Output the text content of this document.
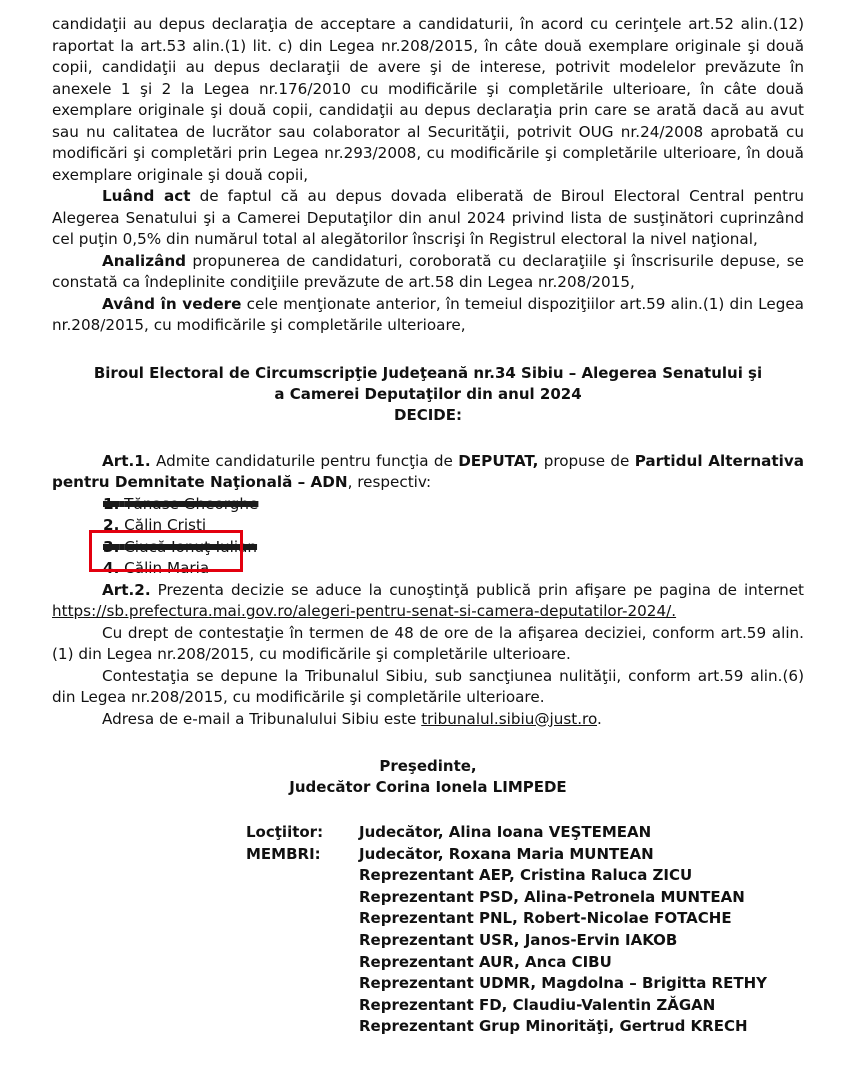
candidaţii au depus declaraţia de acceptare a candidaturii, în acord cu cerinţele art.52 alin.(12) raportat la art.53 alin.(1) lit. c) din Legea nr.208/2015, în câte două exemplare originale şi două copii, candidaţii au depus declaraţii de avere şi de interese, potrivit modelelor prevăzute în anexele 1 şi 2 la Legea nr.176/2010 cu modificările şi completările ulterioare, în câte două exemplare originale şi două copii, candidaţii au depus declaraţia prin care se arată dacă au avut sau nu calitatea de lucrător sau colaborator al Securităţii, potrivit OUG nr.24/2008 aprobată cu modificări şi completări prin Legea nr.293/2008, cu modificările şi completările ulterioare, în două exemplare originale şi două copii,

Luând act de faptul că au depus dovada eliberată de Biroul Electoral Central pentru Alegerea Senatului şi a Camerei Deputaţilor din anul 2024 privind lista de susţinători cuprinzând cel puţin 0,5% din numărul total al alegătorilor înscrişi în Registrul electoral la nivel naţional,

Analizând propunerea de candidaturi, coroborată cu declaraţiile şi înscrisurile depuse, se constată ca îndeplinite condiţiile prevăzute de art.58 din Legea nr.208/2015,

Având în vedere cele menţionate anterior, în temeiul dispoziţiilor art.59 alin.(1) din Legea nr.208/2015, cu modificările şi completările ulterioare,

Biroul Electoral de Circumscripţie Judeţeană nr.34 Sibiu – Alegerea Senatului şi
a Camerei Deputaţilor din anul 2024
DECIDE:

Art.1. Admite candidaturile pentru funcţia de DEPUTAT, propuse de Partidul Alternativa pentru Demnitate Naţională – ADN, respectiv:

1. Tănase Gheorghe
2. Călin Cristi
3. Ciucă Ionuţ-Iulian
4. Călin Maria

Art.2. Prezenta decizie se aduce la cunoştinţă publică prin afişare pe pagina de internet https://sb.prefectura.mai.gov.ro/alegeri-pentru-senat-si-camera-deputatilor-2024/.

Cu drept de contestaţie în termen de 48 de ore de la afişarea deciziei, conform art.59 alin.(1) din Legea nr.208/2015, cu modificările şi completările ulterioare.

Contestaţia se depune la Tribunalul Sibiu, sub sancţiunea nulităţii, conform art.59 alin.(6) din Legea nr.208/2015, cu modificările şi completările ulterioare.

Adresa de e-mail a Tribunalului Sibiu este tribunalul.sibiu@just.ro.

Preşedinte,
Judecător Corina Ionela LIMPEDE
Locţiitor:	Judecător, Alina Ioana VEŞTEMEAN
MEMBRI:	Judecător, Roxana Maria MUNTEAN
Reprezentant AEP, Cristina Raluca ZICU
Reprezentant PSD, Alina-Petronela MUNTEAN
Reprezentant PNL, Robert-Nicolae FOTACHE
Reprezentant USR, Janos-Ervin IAKOB
Reprezentant AUR, Anca CIBU
Reprezentant UDMR, Magdolna – Brigitta RETHY
Reprezentant FD, Claudiu-Valentin ZĂGAN
Reprezentant Grup Minorităţi, Gertrud KRECH
